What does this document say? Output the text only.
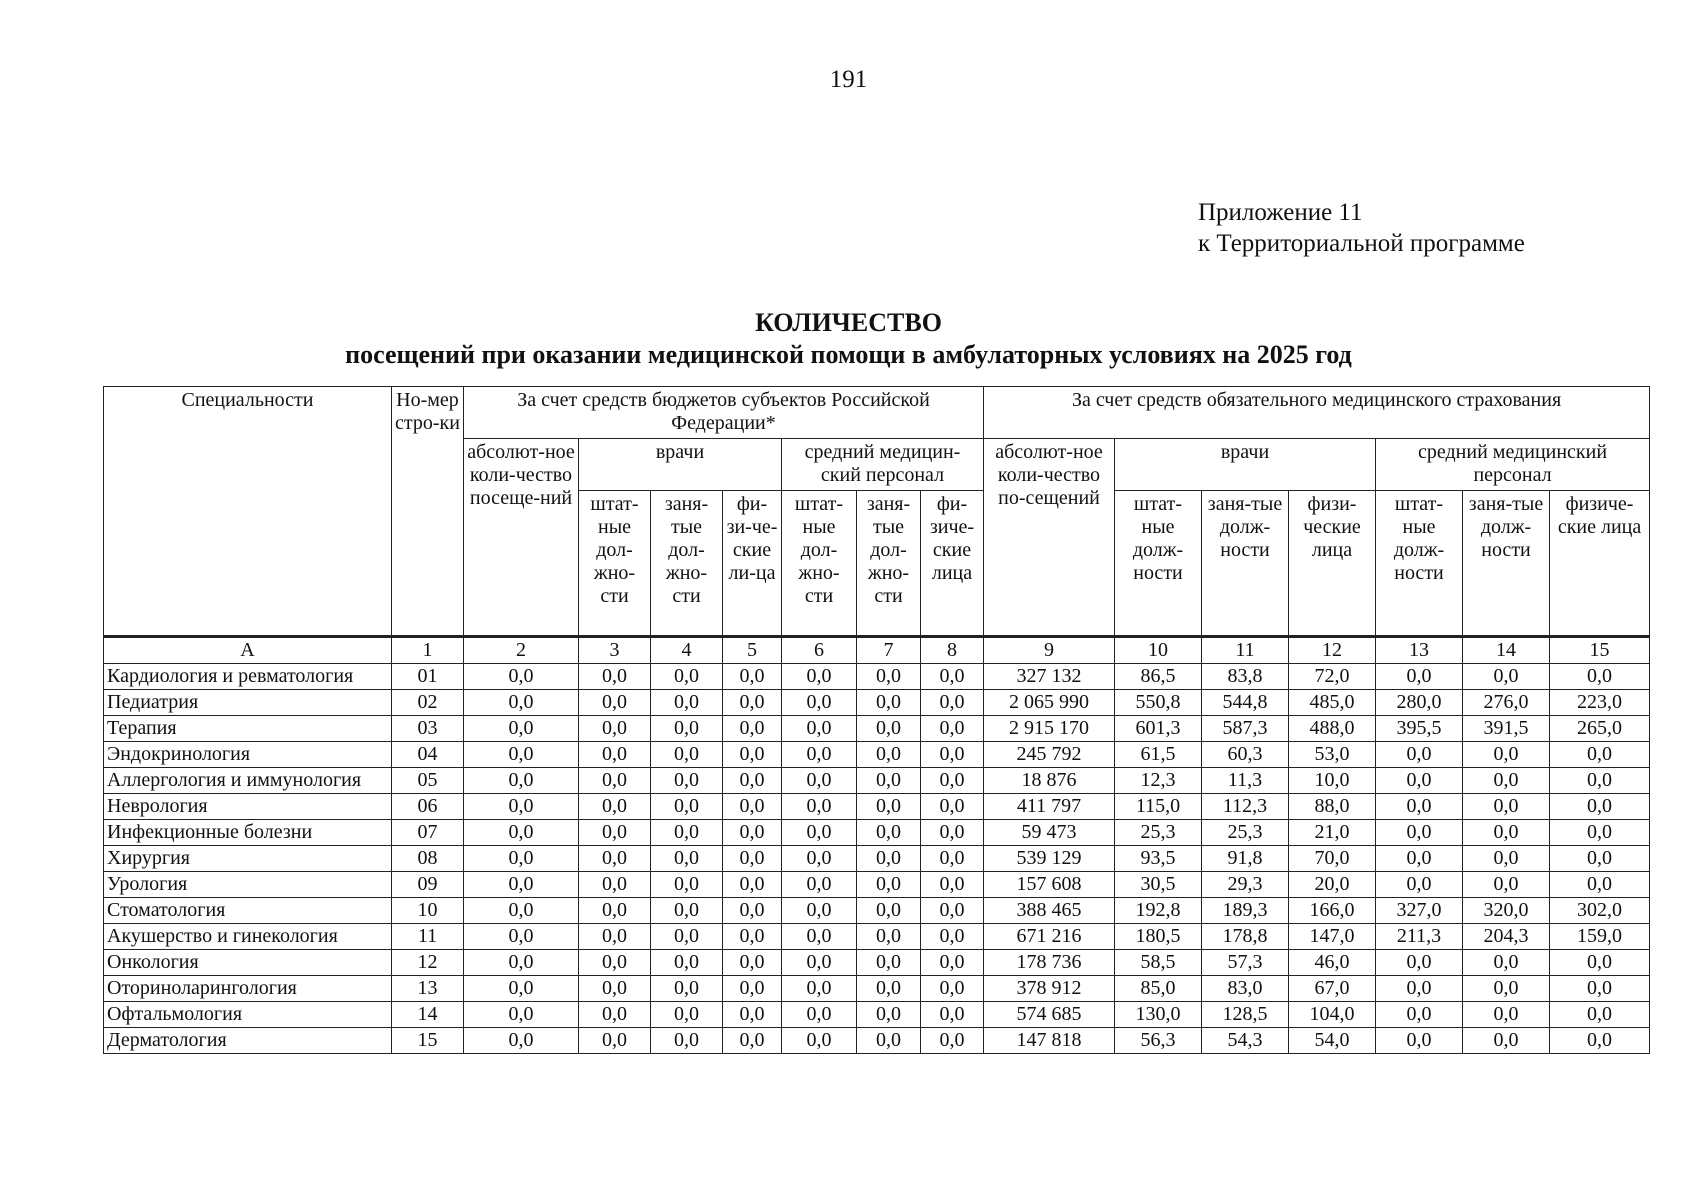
191
Приложение 11
к Территориальной программе
КОЛИЧЕСТВО
посещений при оказании медицинской помощи в амбулаторных условиях на 2025 год
Специальности	Но-мер стро-ки	За счет средств бюджетов субъектов Российской Федерации*							За счет средств обязательного медицинского страхования						
		абсолют-ное коли-чество посеще-ний	врачи			средний медицин-ский персонал			абсолют-ное коли-чество по-сещений	врачи			средний медицинский персонал		
			штат-ные дол-жно-сти	заня-тые дол-жно-сти	фи-зи-че-ские ли-ца	штат-ные дол-жно-сти	заня-тые дол-жно-сти	фи-зиче-ские лица		штат-ные долж-ности	заня-тые долж-ности	физи-ческие лица	штат-ные долж-ности	заня-тые долж-ности	физиче-ские лица
А	1	2	3	4	5	6	7	8	9	10	11	12	13	14	15
Кардиология и ревматология	01	0,0	0,0	0,0	0,0	0,0	0,0	0,0	327 132	86,5	83,8	72,0	0,0	0,0	0,0
Педиатрия	02	0,0	0,0	0,0	0,0	0,0	0,0	0,0	2 065 990	550,8	544,8	485,0	280,0	276,0	223,0
Терапия	03	0,0	0,0	0,0	0,0	0,0	0,0	0,0	2 915 170	601,3	587,3	488,0	395,5	391,5	265,0
Эндокринология	04	0,0	0,0	0,0	0,0	0,0	0,0	0,0	245 792	61,5	60,3	53,0	0,0	0,0	0,0
Аллергология и иммунология	05	0,0	0,0	0,0	0,0	0,0	0,0	0,0	18 876	12,3	11,3	10,0	0,0	0,0	0,0
Неврология	06	0,0	0,0	0,0	0,0	0,0	0,0	0,0	411 797	115,0	112,3	88,0	0,0	0,0	0,0
Инфекционные болезни	07	0,0	0,0	0,0	0,0	0,0	0,0	0,0	59 473	25,3	25,3	21,0	0,0	0,0	0,0
Хирургия	08	0,0	0,0	0,0	0,0	0,0	0,0	0,0	539 129	93,5	91,8	70,0	0,0	0,0	0,0
Урология	09	0,0	0,0	0,0	0,0	0,0	0,0	0,0	157 608	30,5	29,3	20,0	0,0	0,0	0,0
Стоматология	10	0,0	0,0	0,0	0,0	0,0	0,0	0,0	388 465	192,8	189,3	166,0	327,0	320,0	302,0
Акушерство и гинекология	11	0,0	0,0	0,0	0,0	0,0	0,0	0,0	671 216	180,5	178,8	147,0	211,3	204,3	159,0
Онкология	12	0,0	0,0	0,0	0,0	0,0	0,0	0,0	178 736	58,5	57,3	46,0	0,0	0,0	0,0
Оториноларингология	13	0,0	0,0	0,0	0,0	0,0	0,0	0,0	378 912	85,0	83,0	67,0	0,0	0,0	0,0
Офтальмология	14	0,0	0,0	0,0	0,0	0,0	0,0	0,0	574 685	130,0	128,5	104,0	0,0	0,0	0,0
Дерматология	15	0,0	0,0	0,0	0,0	0,0	0,0	0,0	147 818	56,3	54,3	54,0	0,0	0,0	0,0
